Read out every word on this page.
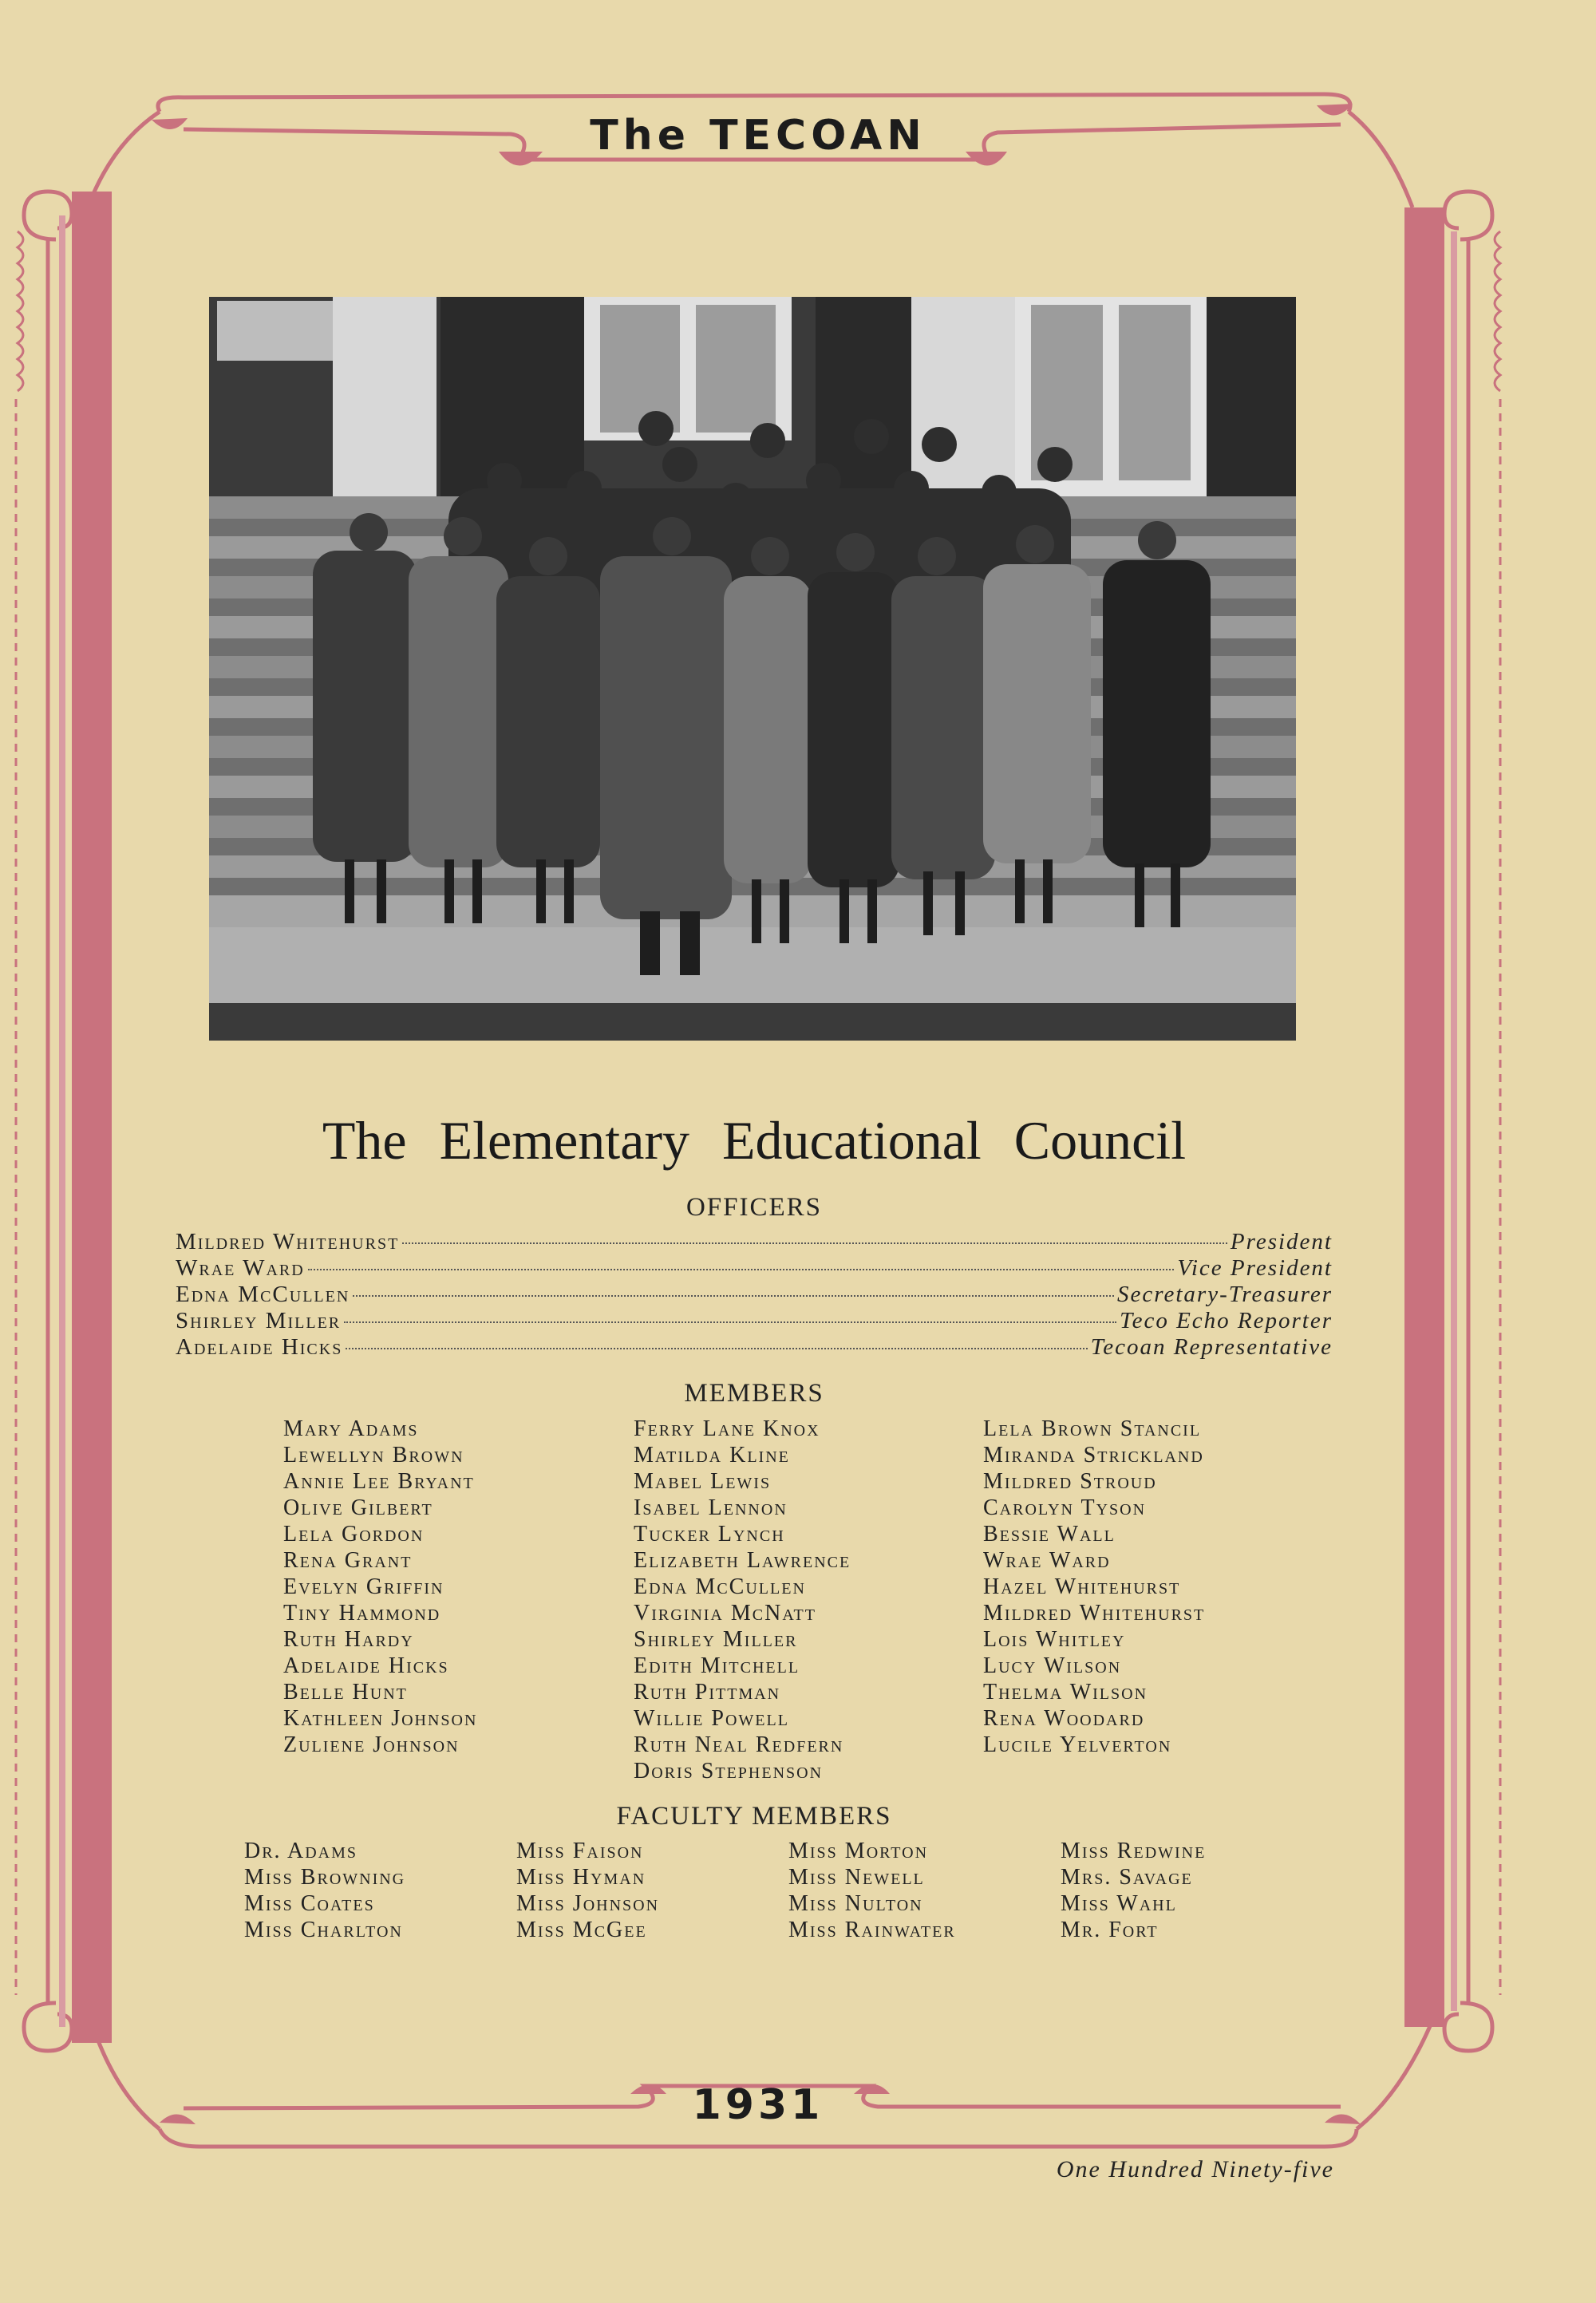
The TECOAN
The Elementary Educational Council
OFFICERS
Mildred Whitehurst	President
Wrae Ward	Vice President
Edna McCullen	Secretary-Treasurer
Shirley Miller	Teco Echo Reporter
Adelaide Hicks	Tecoan Representative
MEMBERS
Mary Adams
Lewellyn Brown
Annie Lee Bryant
Olive Gilbert
Lela Gordon
Rena Grant
Evelyn Griffin
Tiny Hammond
Ruth Hardy
Adelaide Hicks
Belle Hunt
Kathleen Johnson
Zuliene Johnson
Ferry Lane Knox
Matilda Kline
Mabel Lewis
Isabel Lennon
Tucker Lynch
Elizabeth Lawrence
Edna McCullen
Virginia McNatt
Shirley Miller
Edith Mitchell
Ruth Pittman
Willie Powell
Ruth Neal Redfern
Doris Stephenson
Lela Brown Stancil
Miranda Strickland
Mildred Stroud
Carolyn Tyson
Bessie Wall
Wrae Ward
Hazel Whitehurst
Mildred Whitehurst
Lois Whitley
Lucy Wilson
Thelma Wilson
Rena Woodard
Lucile Yelverton
FACULTY MEMBERS
Dr. Adams
Miss Browning
Miss Coates
Miss Charlton
Miss Faison
Miss Hyman
Miss Johnson
Miss McGee
Miss Morton
Miss Newell
Miss Nulton
Miss Rainwater
Miss Redwine
Mrs. Savage
Miss Wahl
Mr. Fort
1931
One Hundred Ninety-five
